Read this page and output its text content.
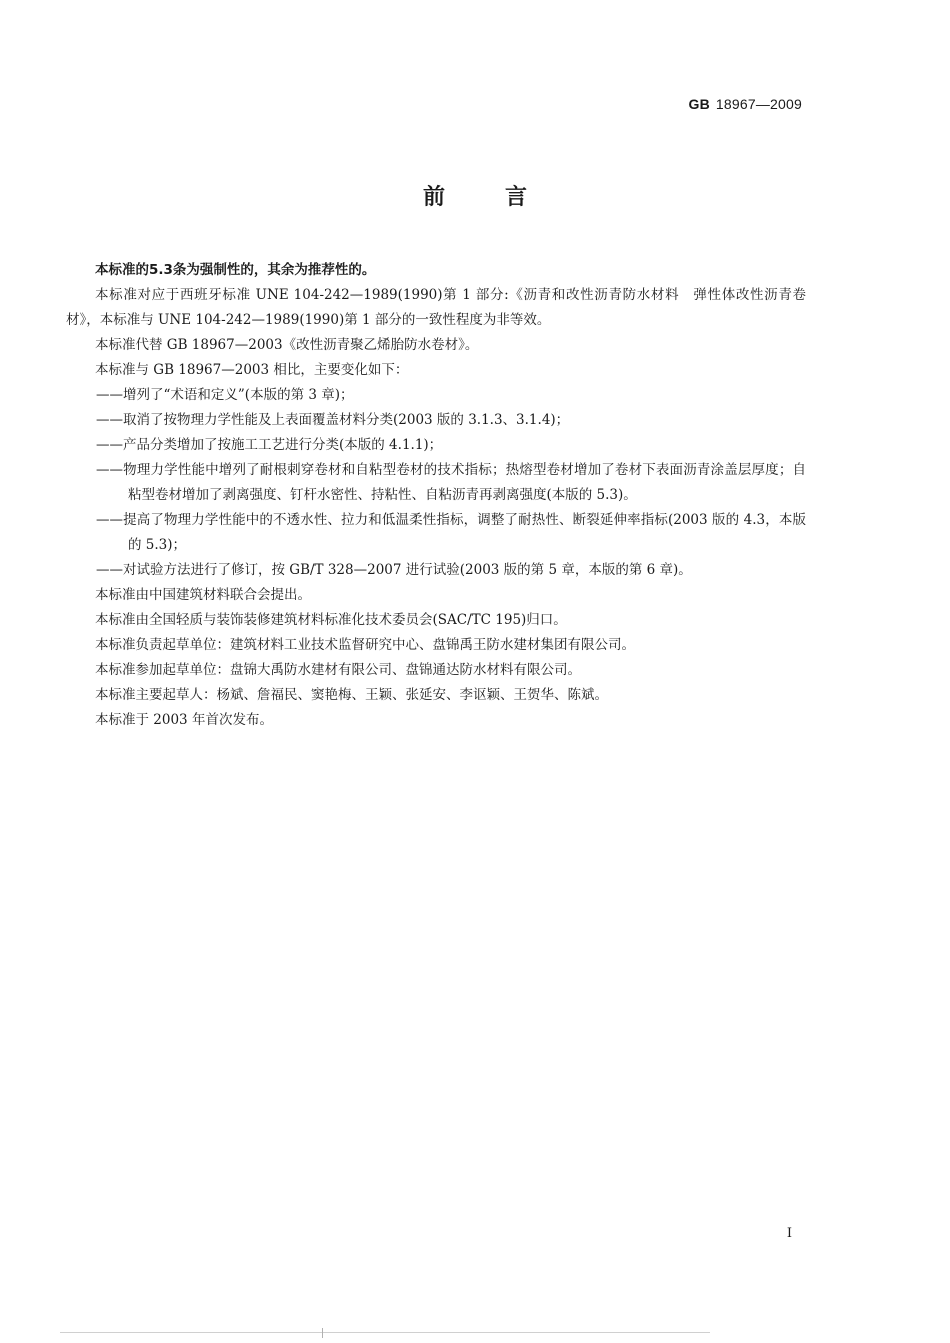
GB 18967—2009
前言

本标准的5.3条为强制性的，其余为推荐性的。

本标准对应于西班牙标准 UNE 104-242—1989(1990)第 1 部分:《沥青和改性沥青防水材料　弹性体改性沥青卷材》，本标准与 UNE 104-242—1989(1990)第 1 部分的一致性程度为非等效。

本标准代替 GB 18967—2003《改性沥青聚乙烯胎防水卷材》。

本标准与 GB 18967—2003 相比，主要变化如下：

——增列了“术语和定义”(本版的第 3 章)；

——取消了按物理力学性能及上表面覆盖材料分类(2003 版的 3.1.3、3.1.4)；

——产品分类增加了按施工工艺进行分类(本版的 4.1.1)；

——物理力学性能中增列了耐根刺穿卷材和自粘型卷材的技术指标；热熔型卷材增加了卷材下表面沥青涂盖层厚度；自粘型卷材增加了剥离强度、钉杆水密性、持粘性、自粘沥青再剥离强度(本版的 5.3)。

——提高了物理力学性能中的不透水性、拉力和低温柔性指标，调整了耐热性、断裂延伸率指标(2003 版的 4.3，本版的 5.3)；

——对试验方法进行了修订，按 GB/T 328—2007 进行试验(2003 版的第 5 章，本版的第 6 章)。

本标准由中国建筑材料联合会提出。

本标准由全国轻质与装饰装修建筑材料标准化技术委员会(SAC/TC 195)归口。

本标准负责起草单位：建筑材料工业技术监督研究中心、盘锦禹王防水建材集团有限公司。

本标准参加起草单位：盘锦大禹防水建材有限公司、盘锦通达防水材料有限公司。

本标准主要起草人：杨斌、詹福民、窦艳梅、王颖、张延安、李讴颖、王贺华、陈斌。

本标准于 2003 年首次发布。

I
